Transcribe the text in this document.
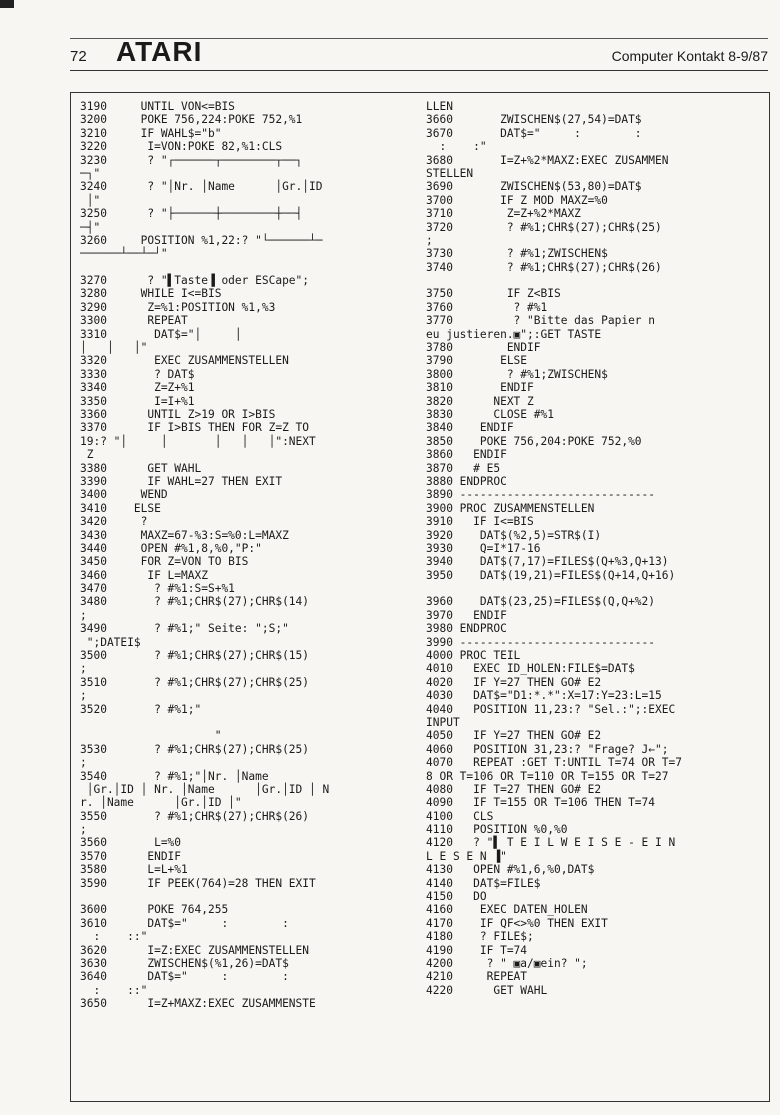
72 ATARI	Computer Kontakt 8-9/87
3190     UNTIL VON<=BIS
3200     POKE 756,224:POKE 752,%1
3210     IF WAHL$="b"
3220      I=VON:POKE 82,%1:CLS
3230      ? "┌──────┬────────┬──┐
─┐"
3240      ? "│Nr. │Name      │Gr.│ID
│"
3250      ? "├──────┼────────┼──┤
─┤"
3260     POSITION %1,22:? "└──────┴─
──────┴──┴─┘"
3270      ? "▌Taste▐ oder ESCape";
3280     WHILE I<=BIS
3290      Z=%1:POSITION %1,%3
3300      REPEAT
3310       DAT$="│     │
│   │   │"
3320       EXEC ZUSAMMENSTELLEN
3330       ? DAT$
3340       Z=Z+%1
3350       I=I+%1
3360      UNTIL Z>19 OR I>BIS
3370      IF I>BIS THEN FOR Z=Z TO
19:? "│     │       │   │   │":NEXT
Z
3380      GET WAHL
3390      IF WAHL=27 THEN EXIT
3400     WEND
3410    ELSE
3420     ?
3430     MAXZ=67-%3:S=%0:L=MAXZ
3440     OPEN #%1,8,%0,"P:"
3450     FOR Z=VON TO BIS
3460      IF L=MAXZ
3470       ? #%1:S=S+%1
3480       ? #%1;CHR$(27);CHR$(14)
;
3490       ? #%1;" Seite: ";S;"
";DATEI$
3500       ? #%1;CHR$(27);CHR$(15)
;
3510       ? #%1;CHR$(27);CHR$(25)
;
3520       ? #%1;"
"
3530       ? #%1;CHR$(27);CHR$(25)
;
3540       ? #%1;"│Nr. │Name
│Gr.│ID │ Nr. │Name      │Gr.│ID │ N
r. │Name      │Gr.│ID │"
3550       ? #%1;CHR$(27);CHR$(26)
;
3560       L=%0
3570      ENDIF
3580      L=L+%1
3590      IF PEEK(764)=28 THEN EXIT
3600      POKE 764,255
3610      DAT$="     :        :
:    ::"
3620      I=Z:EXEC ZUSAMMENSTELLEN
3630      ZWISCHEN$(%1,26)=DAT$
3640      DAT$="     :        :
:    ::"
3650      I=Z+MAXZ:EXEC ZUSAMMENSTE
LLEN
3660       ZWISCHEN$(27,54)=DAT$
3670       DAT$="     :        :
:    :"
3680       I=Z+%2*MAXZ:EXEC ZUSAMMEN
STELLEN
3690       ZWISCHEN$(53,80)=DAT$
3700       IF Z MOD MAXZ=%0
3710        Z=Z+%2*MAXZ
3720        ? #%1;CHR$(27);CHR$(25)
;
3730        ? #%1;ZWISCHEN$
3740        ? #%1;CHR$(27);CHR$(26)
3750        IF Z<BIS
3760         ? #%1
3770         ? "Bitte das Papier n
eu justieren.▣";:GET TASTE
3780        ENDIF
3790       ELSE
3800        ? #%1;ZWISCHEN$
3810       ENDIF
3820      NEXT Z
3830      CLOSE #%1
3840    ENDIF
3850    POKE 756,204:POKE 752,%0
3860   ENDIF
3870   # E5
3880 ENDPROC
3890 -----------------------------
3900 PROC ZUSAMMENSTELLEN
3910   IF I<=BIS
3920    DAT$(%2,5)=STR$(I)
3930    Q=I*17-16
3940    DAT$(7,17)=FILES$(Q+%3,Q+13)
3950    DAT$(19,21)=FILES$(Q+14,Q+16)
3960    DAT$(23,25)=FILES$(Q,Q+%2)
3970   ENDIF
3980 ENDPROC
3990 -----------------------------
4000 PROC TEIL
4010   EXEC ID_HOLEN:FILE$=DAT$
4020   IF Y=27 THEN GO# E2
4030   DAT$="D1:*.*":X=17:Y=23:L=15
4040   POSITION 11,23:? "Sel.:";:EXEC
INPUT
4050   IF Y=27 THEN GO# E2
4060   POSITION 31,23:? "Frage? J←";
4070   REPEAT :GET T:UNTIL T=74 OR T=7
8 OR T=106 OR T=110 OR T=155 OR T=27
4080   IF T=27 THEN GO# E2
4090   IF T=155 OR T=106 THEN T=74
4100   CLS
4110   POSITION %0,%0
4120   ? "▌ T E I L W E I S E - E I N
L E S E N ▐"
4130   OPEN #%1,6,%0,DAT$
4140   DAT$=FILE$
4150   DO
4160    EXEC DATEN_HOLEN
4170    IF QF<>%0 THEN EXIT
4180    ? FILE$;
4190    IF T=74
4200     ? " ▣a/▣ein? ";
4210     REPEAT
4220      GET WAHL
